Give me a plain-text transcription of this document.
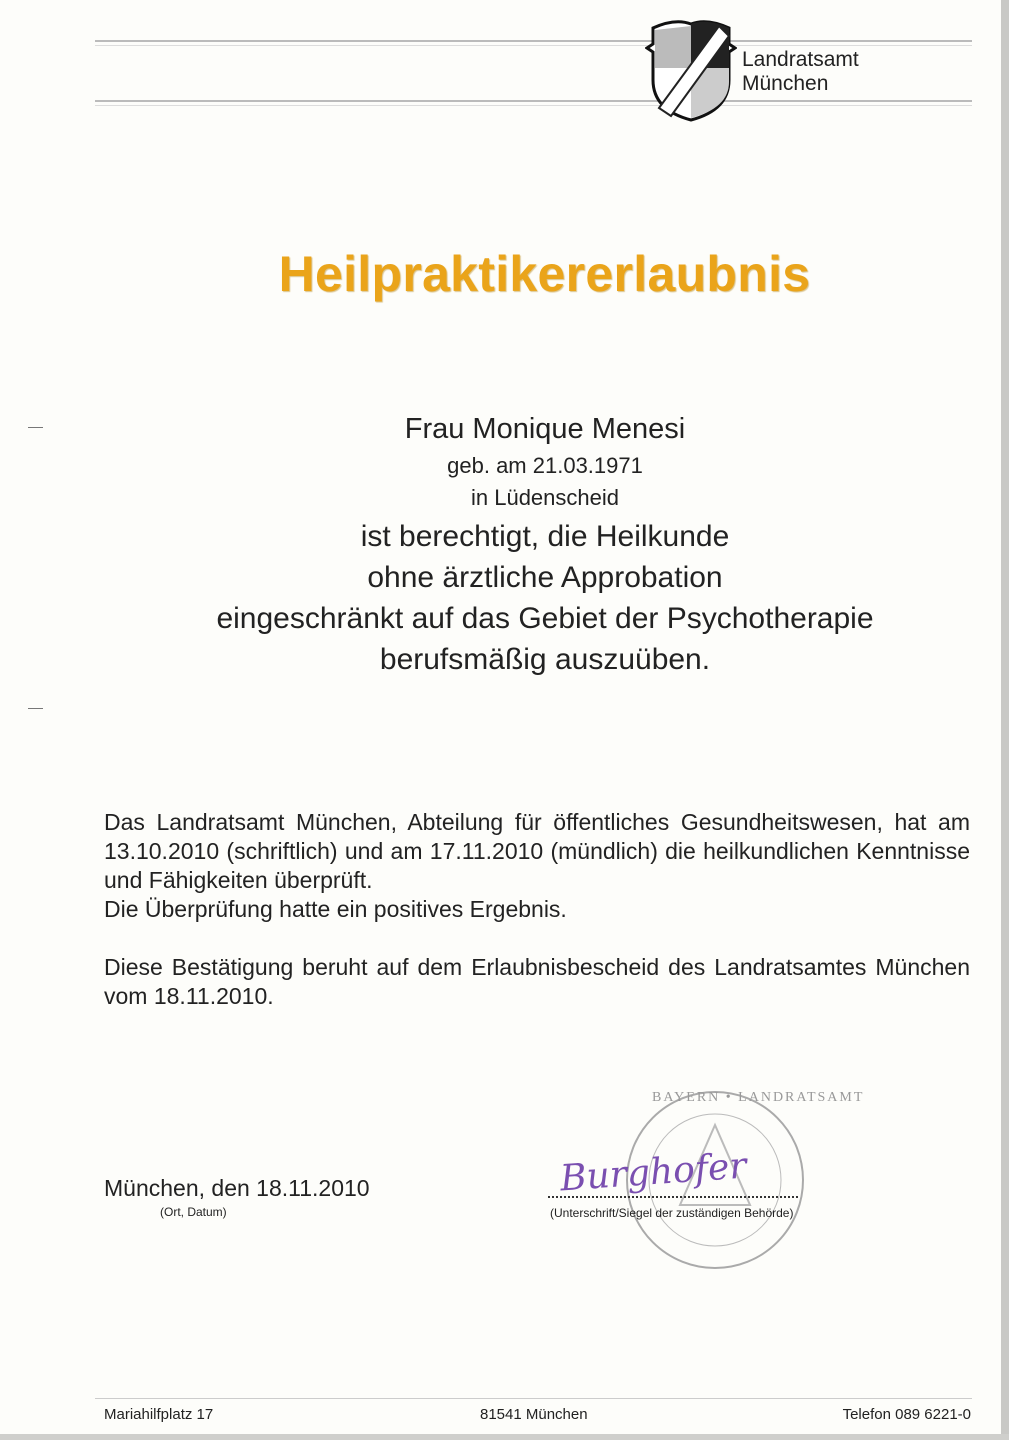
Landratsamt
München
Heilpraktikererlaubnis
Frau Monique Menesi
geb. am 21.03.1971
in Lüdenscheid
ist berechtigt, die Heilkunde
ohne ärztliche Approbation
eingeschränkt auf das Gebiet der Psychotherapie
berufsmäßig auszuüben.
Das Landratsamt München, Abteilung für öffentliches Gesundheitswesen, hat am 13.10.2010 (schriftlich) und am 17.11.2010 (mündlich) die heilkundlichen Kenntnisse und Fähigkeiten überprüft.
Die Überprüfung hatte ein positives Ergebnis.
Diese Bestätigung beruht auf dem Erlaubnisbescheid des Landratsamtes München vom 18.11.2010.
München, den 18.11.2010
(Ort, Datum)
BAYERN • LANDRATSAMT
Burghofer
(Unterschrift/Siegel der zuständigen Behörde)
Mariahilfplatz 17	81541 München	Telefon 089 6221-0
